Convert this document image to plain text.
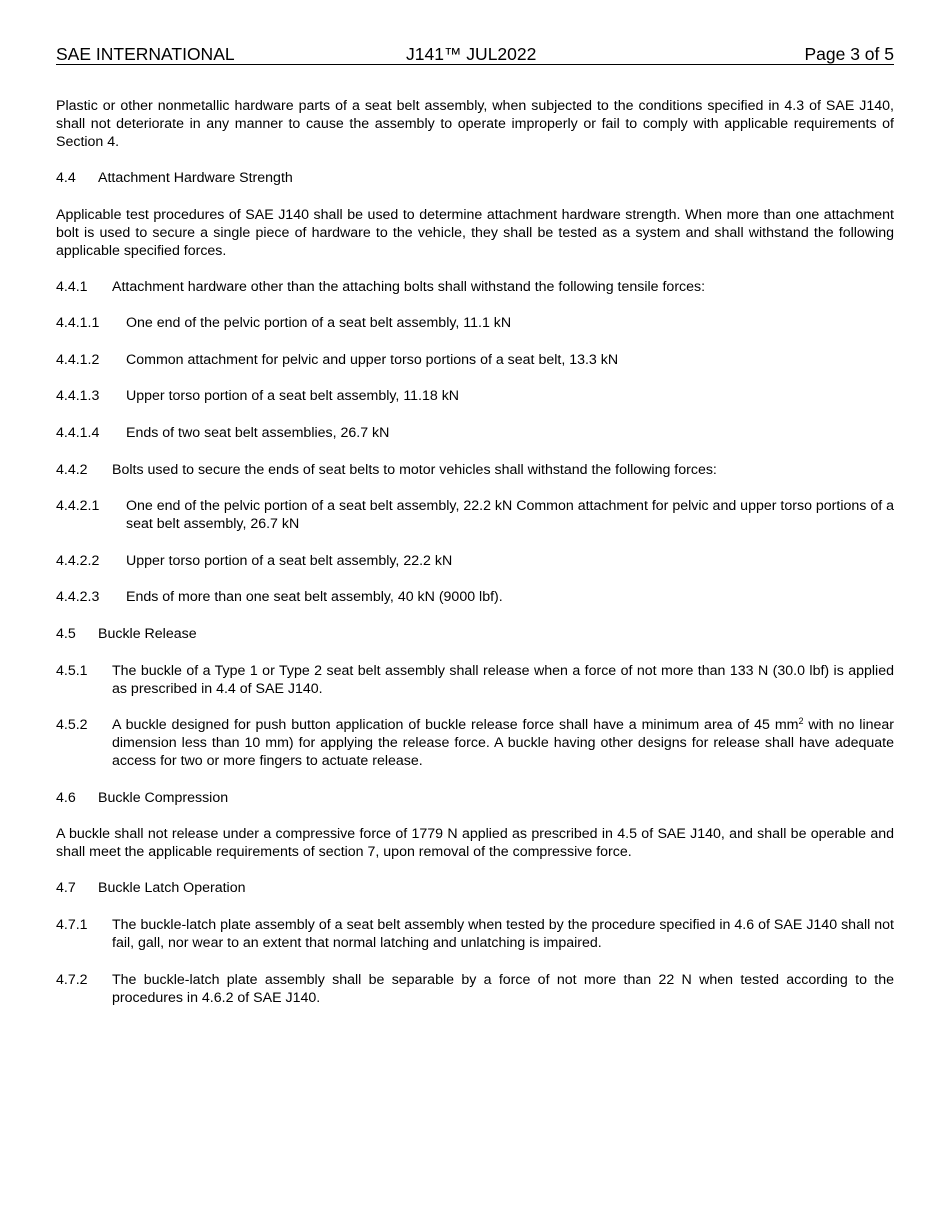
SAE INTERNATIONAL	J141™ JUL2022	Page 3 of 5

Plastic or other nonmetallic hardware parts of a seat belt assembly, when subjected to the conditions specified in 4.3 of SAE J140, shall not deteriorate in any manner to cause the assembly to operate improperly or fail to comply with applicable requirements of Section 4.

4.4	Attachment Hardware Strength

Applicable test procedures of SAE J140 shall be used to determine attachment hardware strength. When more than one attachment bolt is used to secure a single piece of hardware to the vehicle, they shall be tested as a system and shall withstand the following applicable specified forces.

4.4.1	Attachment hardware other than the attaching bolts shall withstand the following tensile forces:
4.4.1.1	One end of the pelvic portion of a seat belt assembly, 11.1 kN
4.4.1.2	Common attachment for pelvic and upper torso portions of a seat belt, 13.3 kN
4.4.1.3	Upper torso portion of a seat belt assembly, 11.18 kN
4.4.1.4	Ends of two seat belt assemblies, 26.7 kN
4.4.2	Bolts used to secure the ends of seat belts to motor vehicles shall withstand the following forces:
4.4.2.1	One end of the pelvic portion of a seat belt assembly, 22.2 kN Common attachment for pelvic and upper torso portions of a seat belt assembly, 26.7 kN
4.4.2.2	Upper torso portion of a seat belt assembly, 22.2 kN
4.4.2.3	Ends of more than one seat belt assembly, 40 kN (9000 lbf).
4.5	Buckle Release
4.5.1	The buckle of a Type 1 or Type 2 seat belt assembly shall release when a force of not more than 133 N (30.0 lbf) is applied as prescribed in 4.4 of SAE J140.
4.5.2	A buckle designed for push button application of buckle release force shall have a minimum area of 45 $mm^2$ with no linear dimension less than 10 mm) for applying the release force. A buckle having other designs for release shall have adequate access for two or more fingers to actuate release.
4.6	Buckle Compression

A buckle shall not release under a compressive force of 1779 N applied as prescribed in 4.5 of SAE J140, and shall be operable and shall meet the applicable requirements of section 7, upon removal of the compressive force.

4.7	Buckle Latch Operation
4.7.1	The buckle-latch plate assembly of a seat belt assembly when tested by the procedure specified in 4.6 of SAE J140 shall not fail, gall, nor wear to an extent that normal latching and unlatching is impaired.
4.7.2	The buckle-latch plate assembly shall be separable by a force of not more than 22 N when tested according to the procedures in 4.6.2 of SAE J140.
